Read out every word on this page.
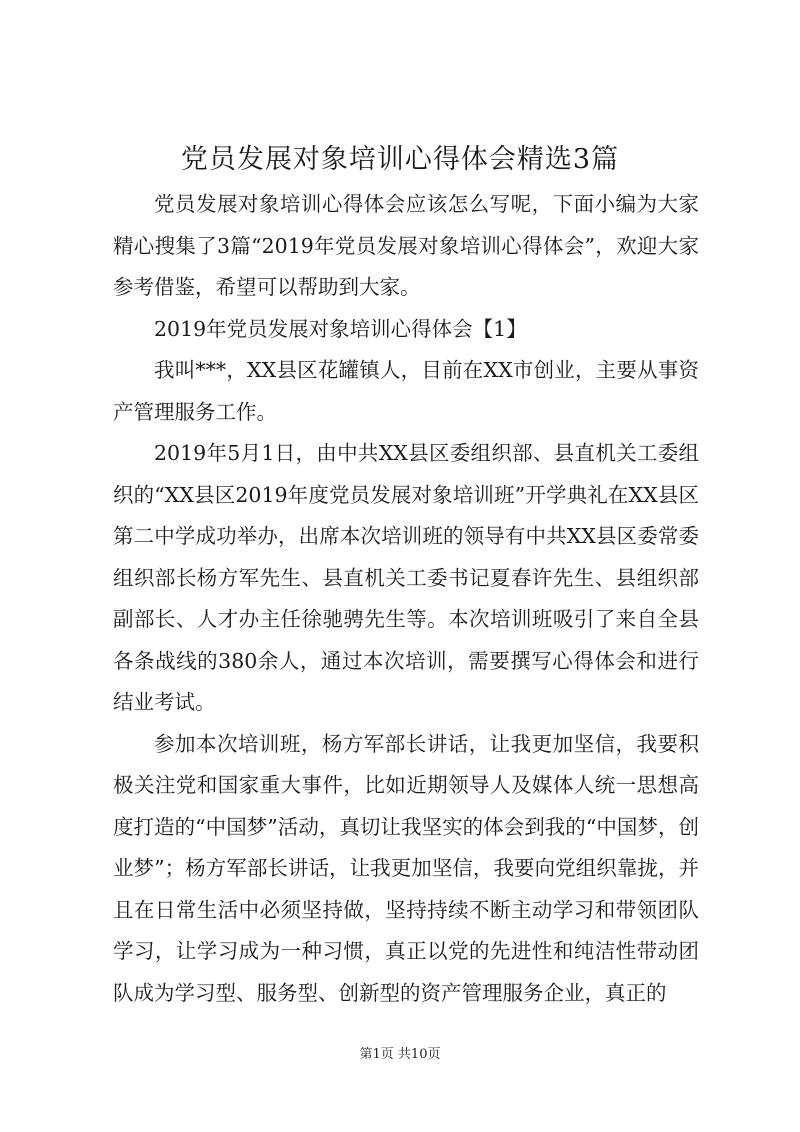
党员发展对象培训心得体会精选3篇

党员发展对象培训心得体会应该怎么写呢，下面小编为大家精心搜集了3篇“2019年党员发展对象培训心得体会”，欢迎大家参考借鉴，希望可以帮助到大家。

2019年党员发展对象培训心得体会【1】

我叫***，XX县区花罐镇人，目前在XX市创业，主要从事资产管理服务工作。

2019年5月1日，由中共XX县区委组织部、县直机关工委组织的“XX县区2019年度党员发展对象培训班”开学典礼在XX县区第二中学成功举办，出席本次培训班的领导有中共XX县区委常委组织部长杨方军先生、县直机关工委书记夏春许先生、县组织部副部长、人才办主任徐驰骋先生等。本次培训班吸引了来自全县各条战线的380余人，通过本次培训，需要撰写心得体会和进行结业考试。

参加本次培训班，杨方军部长讲话，让我更加坚信，我要积极关注党和国家重大事件，比如近期领导人及媒体人统一思想高度打造的“中国梦”活动，真切让我坚实的体会到我的“中国梦，创业梦”；杨方军部长讲话，让我更加坚信，我要向党组织靠拢，并且在日常生活中必须坚持做，坚持持续不断主动学习和带领团队学习，让学习成为一种习惯，真正以党的先进性和纯洁性带动团队成为学习型、服务型、创新型的资产管理服务企业，真正的

第1页 共10页
